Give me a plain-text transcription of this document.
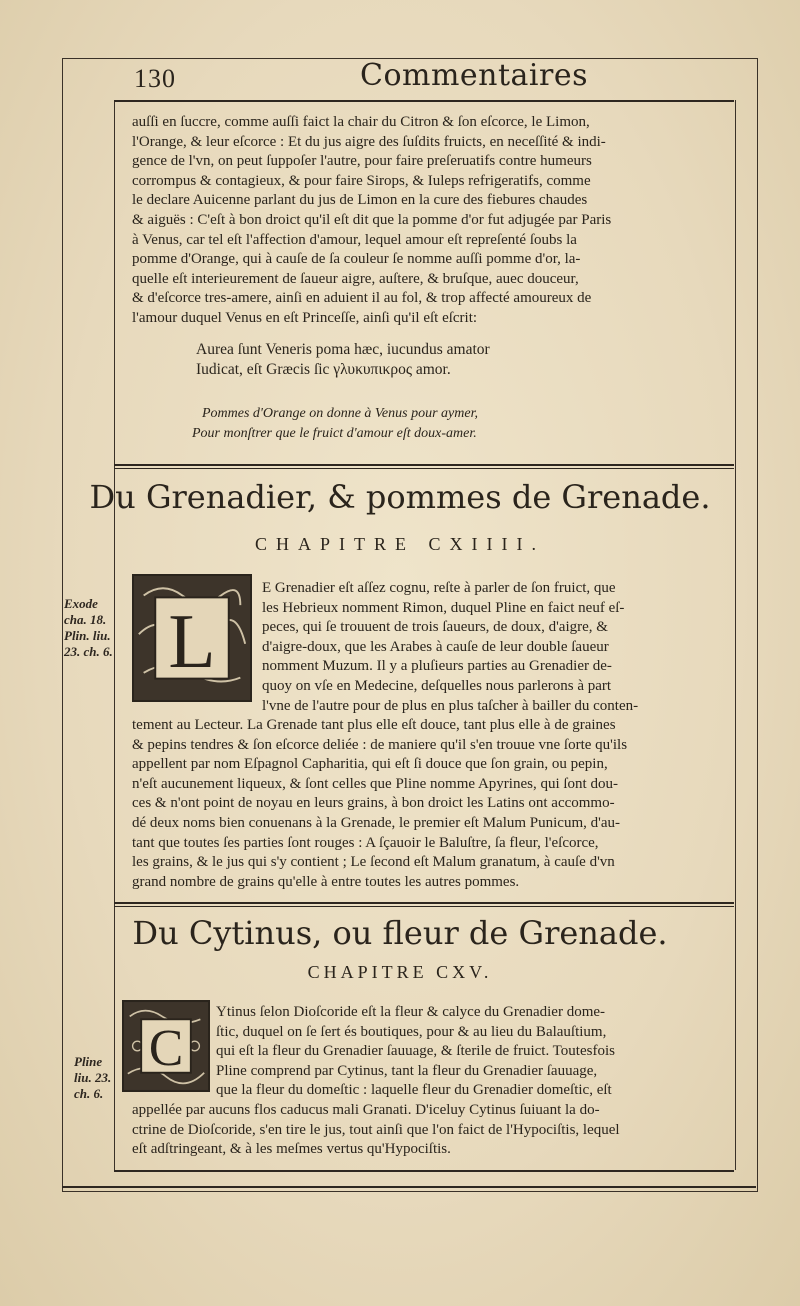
130	Commentaires
auſſi en ſuccre, comme auſſi faict la chair du Citron & ſon eſcorce, le Limon,
l'Orange, & leur eſcorce : Et du jus aigre des ſuſdits fruicts, en neceſſité & indi-
gence de l'vn, on peut ſuppoſer l'autre, pour faire preſeruatifs contre humeurs
corrompus & contagieux, & pour faire Sirops, & Iuleps refrigeratifs, comme
le declare Auicenne parlant du jus de Limon en la cure des fiebures chaudes
& aiguës : C'eſt à bon droict qu'il eſt dit que la pomme d'or fut adjugée par Paris
à Venus, car tel eſt l'affection d'amour, lequel amour eſt repreſenté ſoubs la
pomme d'Orange, qui à cauſe de ſa couleur ſe nomme auſſi pomme d'or, la-
quelle eſt interieurement de ſaueur aigre, auſtere, & bruſque, auec douceur,
& d'eſcorce tres-amere, ainſi en aduient il au fol, & trop affecté amoureux de
l'amour duquel Venus en eſt Princeſſe, ainſi qu'il eſt eſcrit:
Aurea ſunt Veneris poma hæc, iucundus amator
Iudicat, eſt Græcis ſic γλυκυπικρος amor.
Pommes d'Orange on donne à Venus pour aymer,
Pour monſtrer que le fruict d'amour eſt doux-amer.
Du Grenadier, & pommes de Grenade.
CHAPITRE CXIIII.
Exode
cha. 18.
Plin. liu.
23. ch. 6. L
E Grenadier eſt aſſez cognu, reſte à parler de ſon fruict, que
les Hebrieux nomment Rimon, duquel Pline en faict neuf eſ-
peces, qui ſe trouuent de trois ſaueurs, de doux, d'aigre, &
d'aigre-doux, que les Arabes à cauſe de leur double ſaueur
nomment Muzum. Il y a pluſieurs parties au Grenadier de-
quoy on vſe en Medecine, deſquelles nous parlerons à part
l'vne de l'autre pour de plus en plus taſcher à bailler du conten-
tement au Lecteur. La Grenade tant plus elle eſt douce, tant plus elle à de graines
& pepins tendres & ſon eſcorce deliée : de maniere qu'il s'en trouue vne ſorte qu'ils
appellent par nom Eſpagnol Capharitia, qui eſt ſi douce que ſon grain, ou pepin,
n'eſt aucunement liqueux, & ſont celles que Pline nomme Apyrines, qui ſont dou-
ces & n'ont point de noyau en leurs grains, à bon droict les Latins ont accommo-
dé deux noms bien conuenans à la Grenade, le premier eſt Malum Punicum, d'au-
tant que toutes ſes parties ſont rouges : A ſçauoir le Baluſtre, ſa fleur, l'eſcorce,
les grains, & le jus qui s'y contient ; Le ſecond eſt Malum granatum, à cauſe d'vn
grand nombre de grains qu'elle à entre toutes les autres pommes.
Du Cytinus, ou fleur de Grenade.
CHAPITRE CXV.
Pline
liu. 23.
ch. 6.
C
Ytinus ſelon Dioſcoride eſt la fleur & calyce du Grenadier dome-
ſtic, duquel on ſe ſert és boutiques, pour & au lieu du Balauſtium,
qui eſt la fleur du Grenadier ſauuage, & ſterile de fruict. Toutesfois
Pline comprend par Cytinus, tant la fleur du Grenadier ſauuage,
que la fleur du domeſtic : laquelle fleur du Grenadier domeſtic, eſt
appellée par aucuns flos caducus mali Granati. D'iceluy Cytinus ſuiuant la do-
ctrine de Dioſcoride, s'en tire le jus, tout ainſi que l'on faict de l'Hypociſtis, lequel
eſt adſtringeant, & à les meſmes vertus qu'Hypociſtis.
